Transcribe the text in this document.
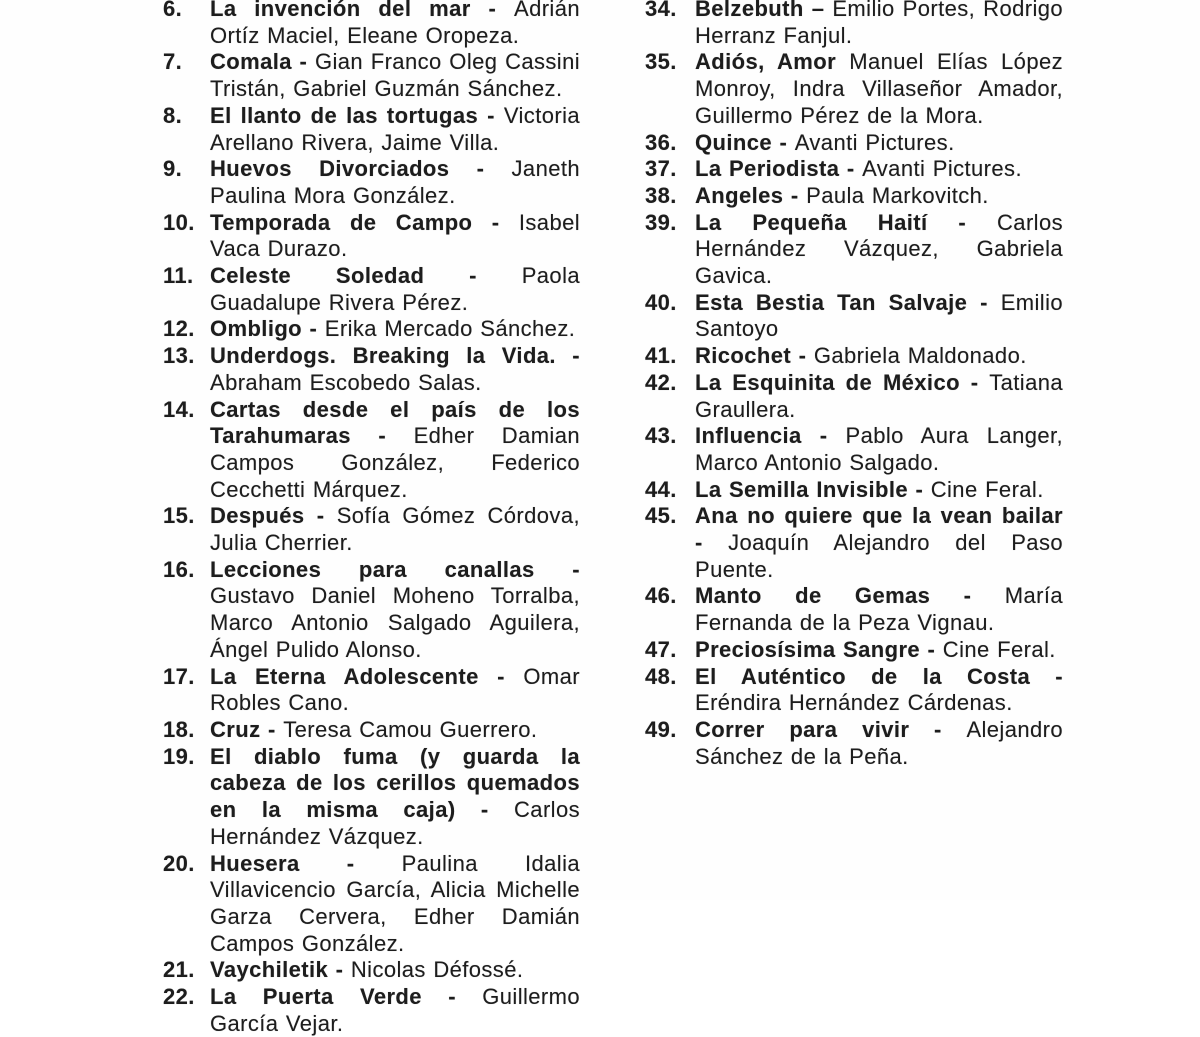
6.	La invención del mar - Adrián Ortíz Maciel, Eleane Oropeza.
7.	Comala - Gian Franco Oleg Cassini Tristán, Gabriel Guzmán Sánchez.
8.	El llanto de las tortugas - Victoria Arellano Rivera, Jaime Villa.
9.	Huevos Divorciados - Janeth Paulina Mora González.
10. Temporada de Campo - Isabel Vaca Durazo.
11. Celeste Soledad - Paola Guadalupe Rivera Pérez.
12. Ombligo - Erika Mercado Sánchez.
13. Underdogs. Breaking la Vida. - Abraham Escobedo Salas.
14. Cartas desde el país de los Tarahumaras - Edher Damian Campos González, Federico Cecchetti Márquez.
15. Después - Sofía Gómez Córdova, Julia Cherrier.
16. Lecciones para canallas - Gustavo Daniel Moheno Torralba, Marco Antonio Salgado Aguilera, Ángel Pulido Alonso.
17. La Eterna Adolescente - Omar Robles Cano.
18. Cruz - Teresa Camou Guerrero.
19. El diablo fuma (y guarda la cabeza de los cerillos quemados en la misma caja) - Carlos Hernández Vázquez.
20. Huesera - Paulina Idalia Villavicencio García, Alicia Michelle Garza Cervera, Edher Damián Campos González.
21. Vaychiletik - Nicolas Défossé.
22. La Puerta Verde - Guillermo García Vejar.
34. Belzebuth – Emilio Portes, Rodrigo Herranz Fanjul.
35. Adiós, Amor Manuel Elías López Monroy, Indra Villaseñor Amador, Guillermo Pérez de la Mora.
36. Quince - Avanti Pictures.
37. La Periodista - Avanti Pictures.
38. Angeles - Paula Markovitch.
39. La Pequeña Haití - Carlos Hernández Vázquez, Gabriela Gavica.
40. Esta Bestia Tan Salvaje - Emilio Santoyo
41. Ricochet - Gabriela Maldonado.
42. La Esquinita de México - Tatiana Graullera.
43. Influencia - Pablo Aura Langer, Marco Antonio Salgado.
44. La Semilla Invisible - Cine Feral.
45. Ana no quiere que la vean bailar - Joaquín Alejandro del Paso Puente.
46. Manto de Gemas - María Fernanda de la Peza Vignau.
47. Preciosísima Sangre - Cine Feral.
48. El Auténtico de la Costa - Eréndira Hernández Cárdenas.
49. Correr para vivir - Alejandro Sánchez de la Peña.
